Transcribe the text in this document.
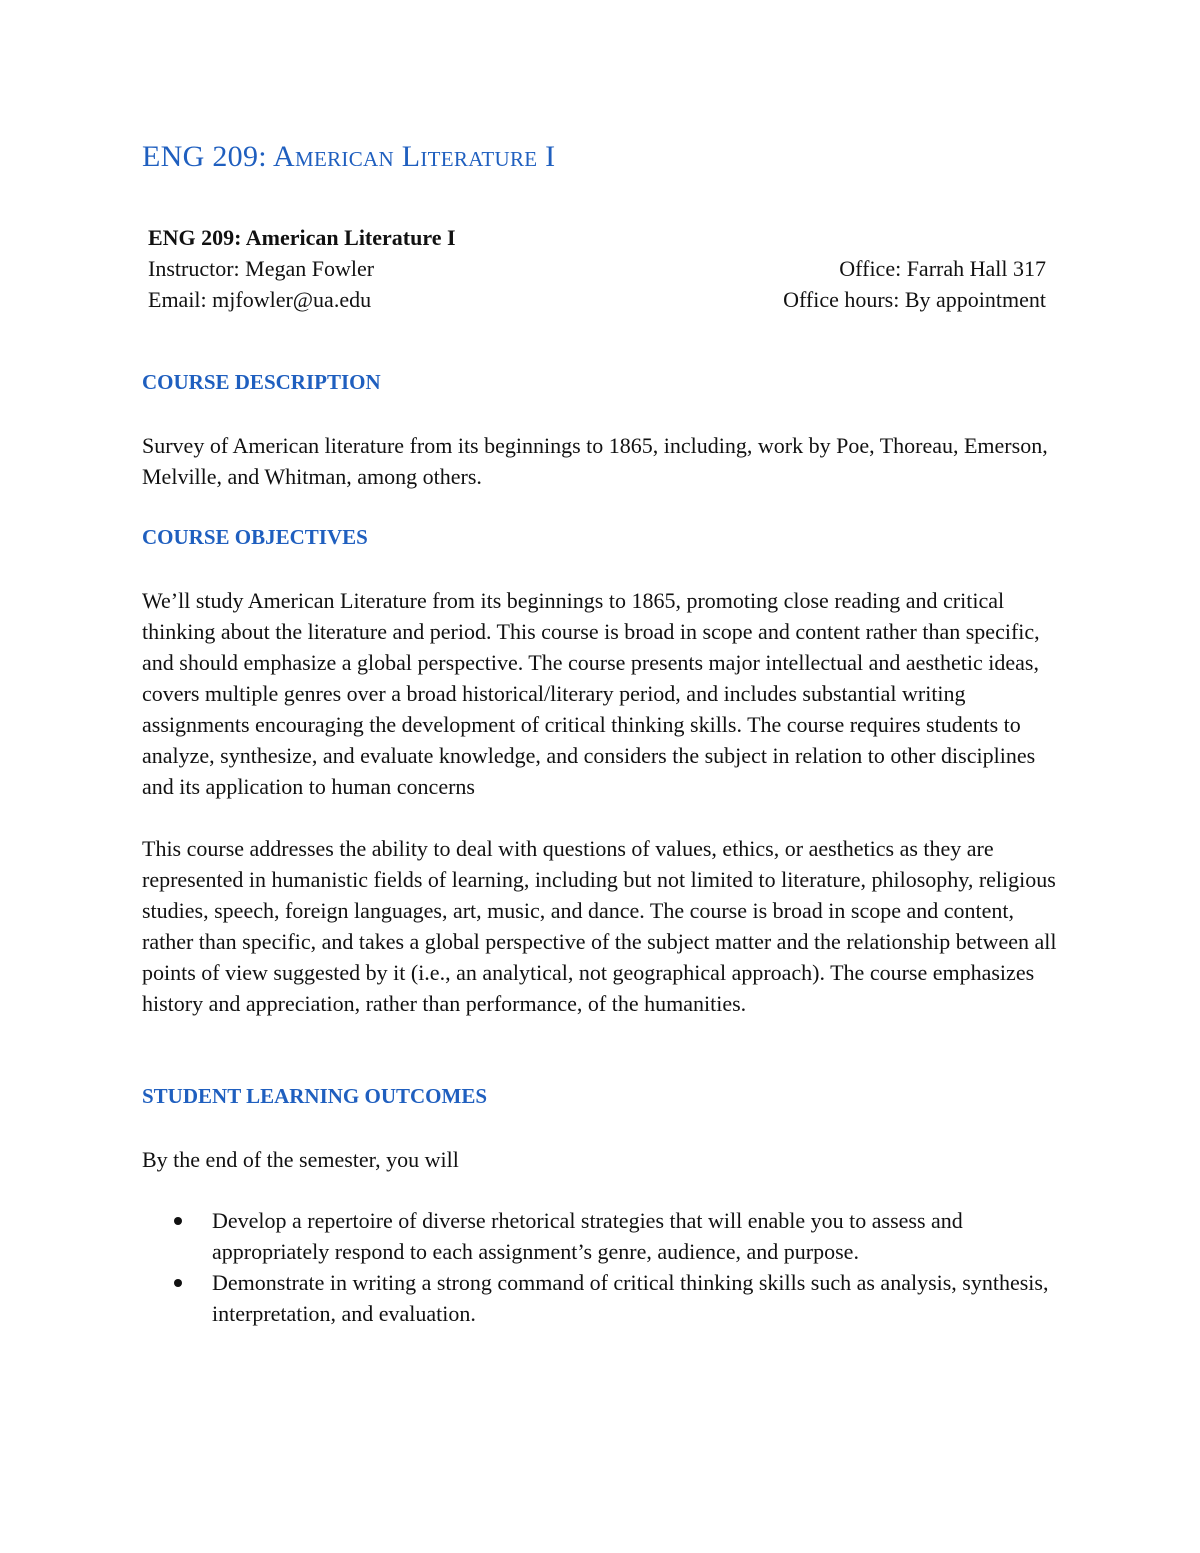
ENG 209: American Literature I
ENG 209: American Literature I
Instructor: Megan Fowler	Office: Farrah Hall 317
Email: mjfowler@ua.edu	Office hours: By appointment
COURSE DESCRIPTION

Survey of American literature from its beginnings to 1865, including, work by Poe, Thoreau, Emerson, Melville, and Whitman, among others.

COURSE OBJECTIVES

We’ll study American Literature from its beginnings to 1865, promoting close reading and critical thinking about the literature and period. This course is broad in scope and content rather than specific, and should emphasize a global perspective. The course presents major intellectual and aesthetic ideas, covers multiple genres over a broad historical/literary period, and includes substantial writing assignments encouraging the development of critical thinking skills. The course requires students to analyze, synthesize, and evaluate knowledge, and considers the subject in relation to other disciplines and its application to human concerns

This course addresses the ability to deal with questions of values, ethics, or aesthetics as they are represented in humanistic fields of learning, including but not limited to literature, philosophy, religious studies, speech, foreign languages, art, music, and dance. The course is broad in scope and content, rather than specific, and takes a global perspective of the subject matter and the relationship between all points of view suggested by it (i.e., an analytical, not geographical approach). The course emphasizes history and appreciation, rather than performance, of the humanities.

STUDENT LEARNING OUTCOMES

By the end of the semester, you will

Develop a repertoire of diverse rhetorical strategies that will enable you to assess and appropriately respond to each assignment’s genre, audience, and purpose.
Demonstrate in writing a strong command of critical thinking skills such as analysis, synthesis, interpretation, and evaluation.
